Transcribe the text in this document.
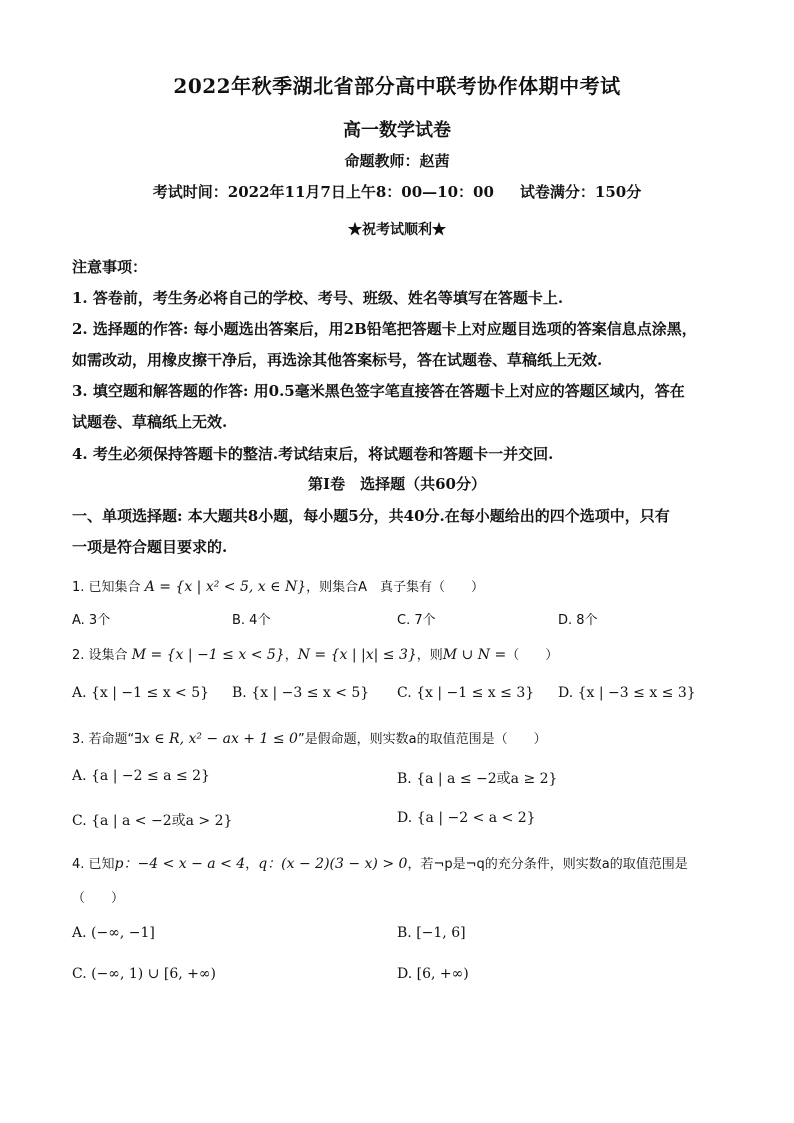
2022年秋季湖北省部分高中联考协作体期中考试
高一数学试卷
命题教师：赵茜
考试时间：2022年11月7日上午8：00—10：00 试卷满分：150分
★祝考试顺利★
注意事项：
1. 答卷前，考生务必将自己的学校、考号、班级、姓名等填写在答题卡上.
2. 选择题的作答: 每小题选出答案后，用2B铅笔把答题卡上对应题目选项的答案信息点涂黑，
如需改动，用橡皮擦干净后，再选涂其他答案标号，答在试题卷、草稿纸上无效.
3. 填空题和解答题的作答: 用0.5毫米黑色签字笔直接答在答题卡上对应的答题区域内，答在
试题卷、草稿纸上无效.
4. 考生必须保持答题卡的整洁.考试结束后，将试题卷和答题卡一并交回.
第Ⅰ卷　选择题（共60分）
一、单项选择题: 本大题共8小题，每小题5分，共40分.在每小题给出的四个选项中，只有
一项是符合题目要求的.
1. 已知集合 A = {x | x² < 5, x ∈ N}，则集合A　真子集有（　　）
A. 3个	B. 4个	C. 7个	D. 8个
2. 设集合 M = {x | −1 ≤ x < 5}，N = {x | |x| ≤ 3}，则M ∪ N =（　　）
A. {x | −1 ≤ x < 5} B. {x | −3 ≤ x < 5} C. {x | −1 ≤ x ≤ 3} D. {x | −3 ≤ x ≤ 3}
3. 若命题“∃x ∈ R, x² − ax + 1 ≤ 0”是假命题，则实数a的取值范围是（　　）
A. {a | −2 ≤ a ≤ 2}	B. {a | a ≤ −2或a ≥ 2}
C. {a | a < −2或a > 2}	D. {a | −2 < a < 2}
4. 已知p：−4 < x − a < 4，q：(x − 2)(3 − x) > 0，若¬p是¬q的充分条件，则实数a的取值范围是
（　　）
A. (−∞, −1]	B. [−1, 6]
C. (−∞, 1) ∪ [6, +∞)	D. [6, +∞)
